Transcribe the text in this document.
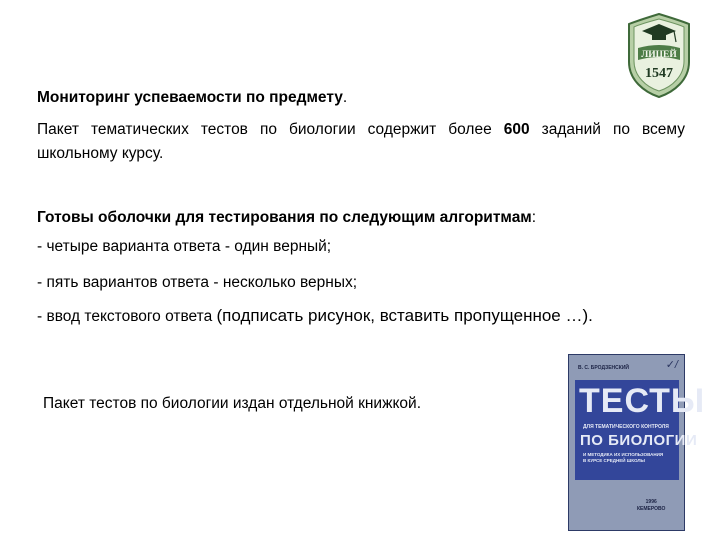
ЛИЦЕЙ
1547
Мониторинг успеваемости по предмету.
Пакет тематических тестов по биологии содержит более 600 заданий по всему школьному курсу.
Готовы оболочки для тестирования по следующим алгоритмам:
- четыре варианта ответа - один верный;
- пять вариантов ответа - несколько верных;
- ввод текстового ответа (подписать рисунок, вставить пропущенное …).
Пакет тестов по биологии издан отдельной книжкой.
✓/
В. С. БРОДЗЕНСКИЙ
ТЕСТЫ
ДЛЯ ТЕМАТИЧЕСКОГО КОНТРОЛЯ
ПО БИОЛОГИИ
И МЕТОДИКА ИХ ИСПОЛЬЗОВАНИЯ
В КУРСЕ СРЕДНЕЙ ШКОЛЫ
1996
КЕМЕРОВО
